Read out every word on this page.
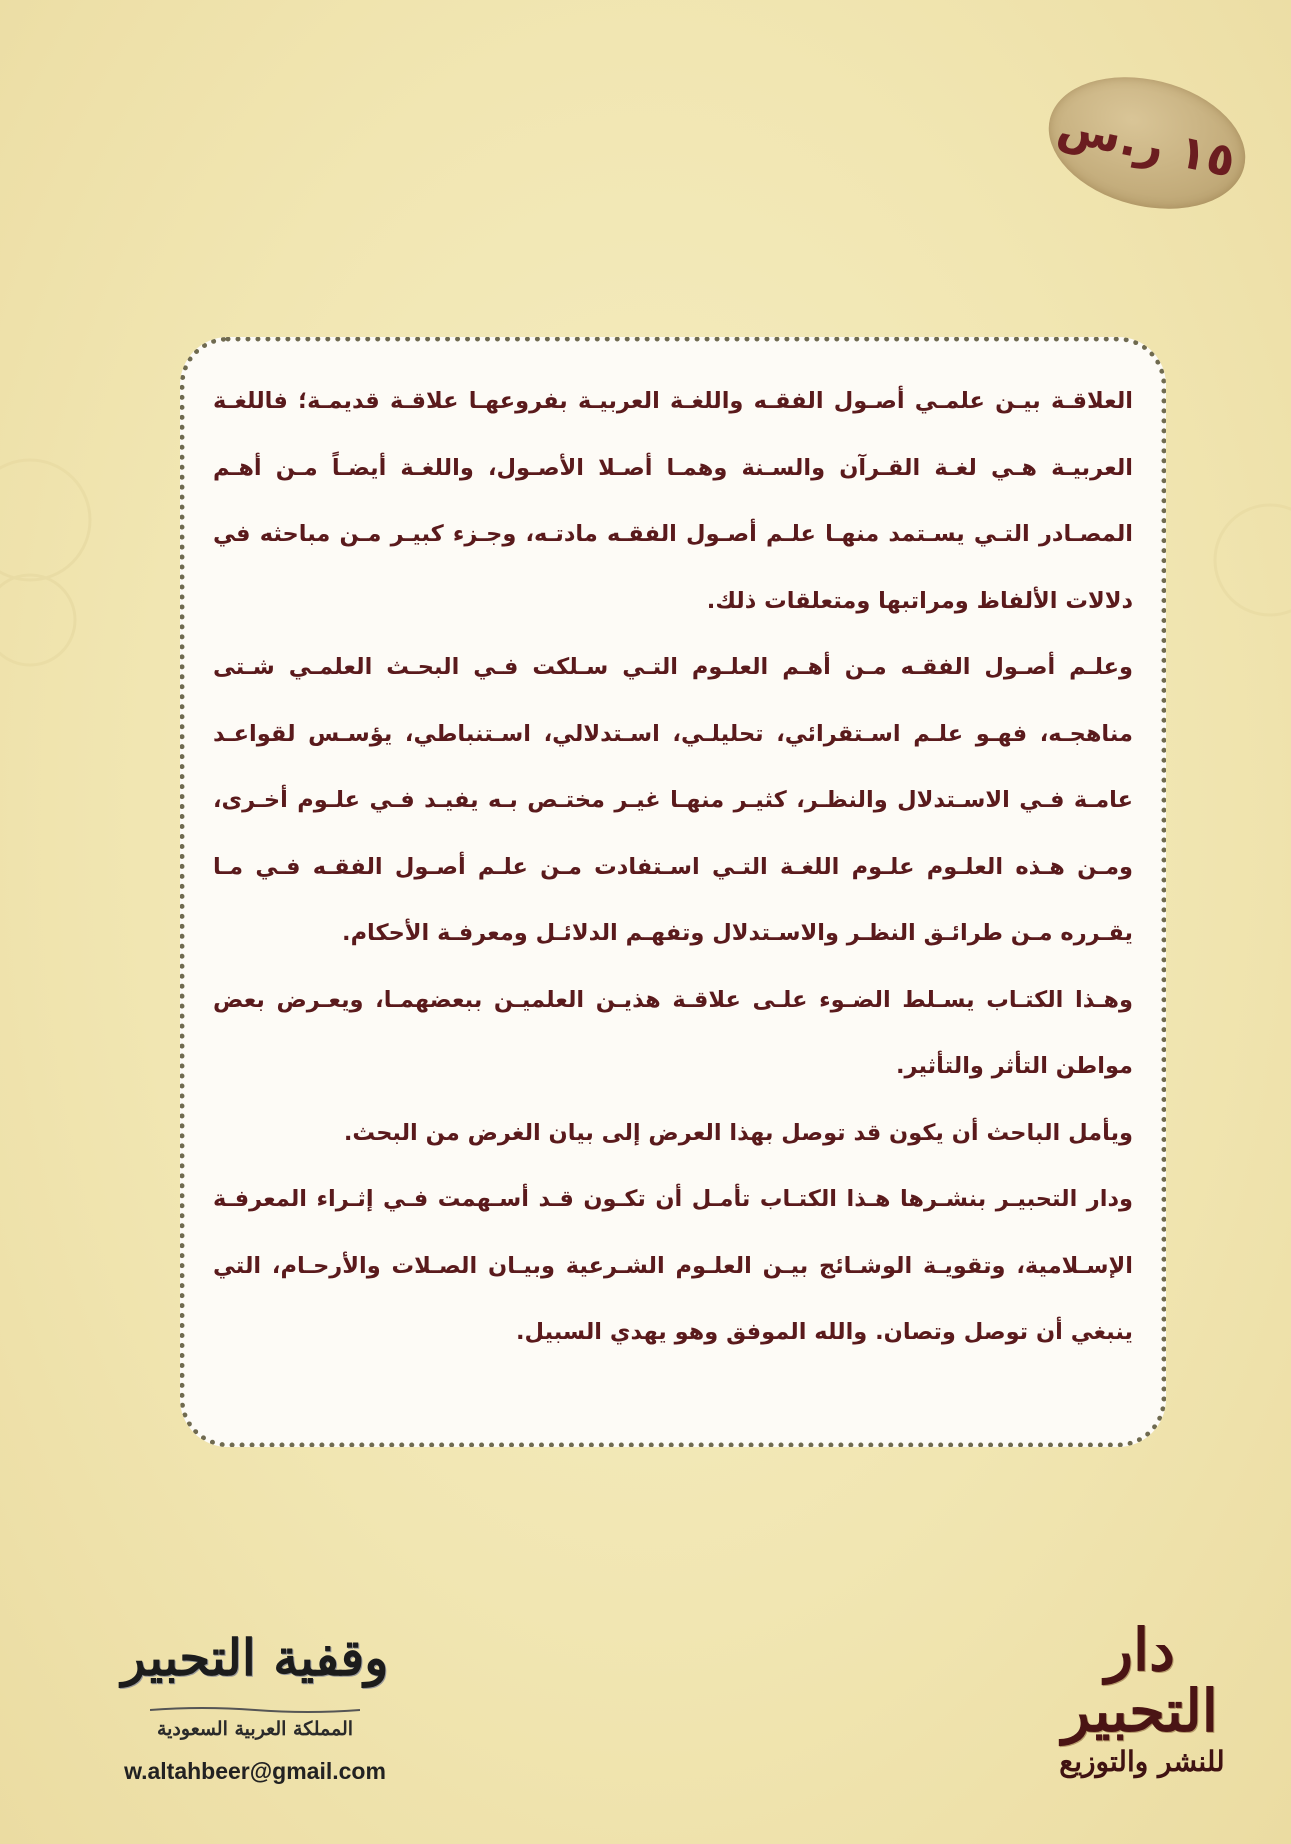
١٥ ر.س

العلاقـة بيـن علمـي أصـول الفقـه واللغـة العربيـة بفروعهـا علاقـة قديمـة؛ فاللغـة العربيـة هـي لغـة القـرآن والسـنة وهمـا أصـلا الأصـول، واللغـة أيضـاً مـن أهـم المصـادر التـي يسـتمد منهـا علـم أصـول الفقـه مادتـه، وجـزء كبيـر مـن مباحثه في دلالات الألفاظ ومراتبها ومتعلقات ذلك.

وعلـم أصـول الفقـه مـن أهـم العلـوم التـي سـلكت فـي البحـث العلمـي شـتى مناهجـه، فهـو علـم اسـتقرائي، تحليلـي، اسـتدلالي، اسـتنباطي، يؤسـس لقواعـد عامـة فـي الاسـتدلال والنظـر، كثيـر منهـا غيـر مختـص بـه يفيـد فـي علـوم أخـرى، ومـن هـذه العلـوم علـوم اللغـة التـي اسـتفادت مـن علـم أصـول الفقـه فـي مـا يقـرره مـن طرائـق النظـر والاسـتدلال وتفهـم الدلائـل ومعرفـة الأحكام.

وهـذا الكتـاب يسـلط الضـوء علـى علاقـة هذيـن العلميـن ببعضهمـا، ويعـرض بعض مواطن التأثر والتأثير.

ويأمل الباحث أن يكون قد توصل بهذا العرض إلى بيان الغرض من البحث.

ودار التحبيـر بنشـرها هـذا الكتـاب تأمـل أن تكـون قـد أسـهمت فـي إثـراء المعرفـة الإسـلامية، وتقويـة الوشـائج بيـن العلـوم الشـرعية وبيـان الصـلات والأرحـام، التي ينبغي أن توصل وتصان. والله الموفق وهو يهدي السبيل.

وقفية التحبير
المملكة العربية السعودية
w.altahbeer@gmail.com
دار التحبير
للنشر والتوزيع
